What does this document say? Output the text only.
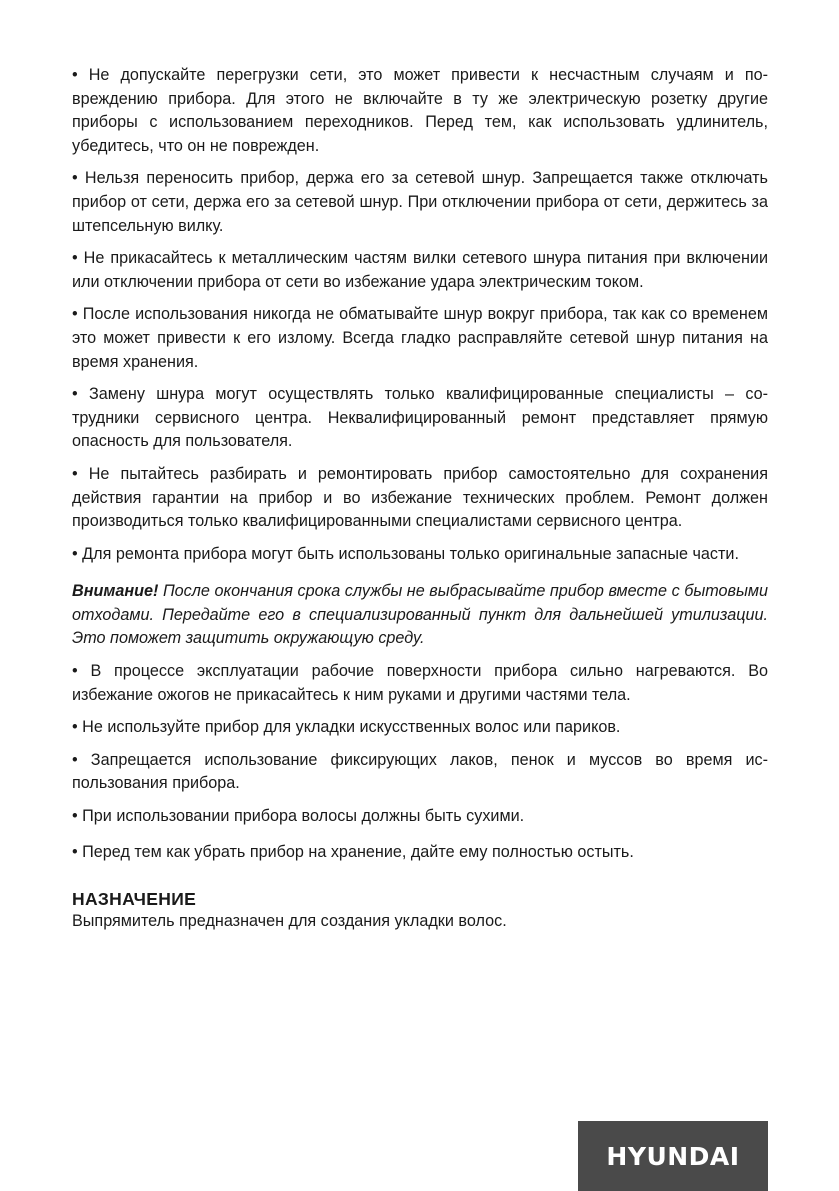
• Не допускайте перегрузки сети, это может привести к несчастным случаям и повреждению прибора. Для этого не включайте в ту же электрическую розетку другие приборы с использованием переходников. Перед тем, как использовать удлинитель, убедитесь, что он не поврежден.

• Нельзя переносить прибор, держа его за сетевой шнур. Запрещается также отключать прибор от сети, держа его за сетевой шнур. При отключении прибора от сети, держитесь за штепсельную вилку.

• Не прикасайтесь к металлическим частям вилки сетевого шнура питания при включении или отключении прибора от сети во избежание удара электрическим током.

• После использования никогда не обматывайте шнур вокруг прибора, так как со временем это может привести к его излому. Всегда гладко расправляйте сетевой шнур питания на время хранения.

• Замену шнура могут осуществлять только квалифицированные специалисты – сотрудники сервисного центра. Неквалифицированный ремонт представляет прямую опасность для пользователя.

• Не пытайтесь разбирать и ремонтировать прибор самостоятельно для сохранения действия гарантии на прибор и во избежание технических проблем. Ремонт должен производиться только квалифицированными специалистами сервисного центра.

• Для ремонта прибора могут быть использованы только оригинальные запасные части.

Внимание! После окончания срока службы не выбрасывайте прибор вместе с бытовыми отходами. Передайте его в специализированный пункт для дальнейшей утилизации. Это поможет защитить окружающую среду.

• В процессе эксплуатации рабочие поверхности прибора сильно нагреваются. Во избежание ожогов не прикасайтесь к ним руками и другими частями тела.

• Не используйте прибор для укладки искусственных волос или париков.

• Запрещается использование фиксирующих лаков, пенок и муссов во время использования прибора.

• При использовании прибора волосы должны быть сухими.

• Перед тем как убрать прибор на хранение, дайте ему полностью остыть.

НАЗНАЧЕНИЕ

Выпрямитель предназначен для создания укладки волос.

HYUNDAI
